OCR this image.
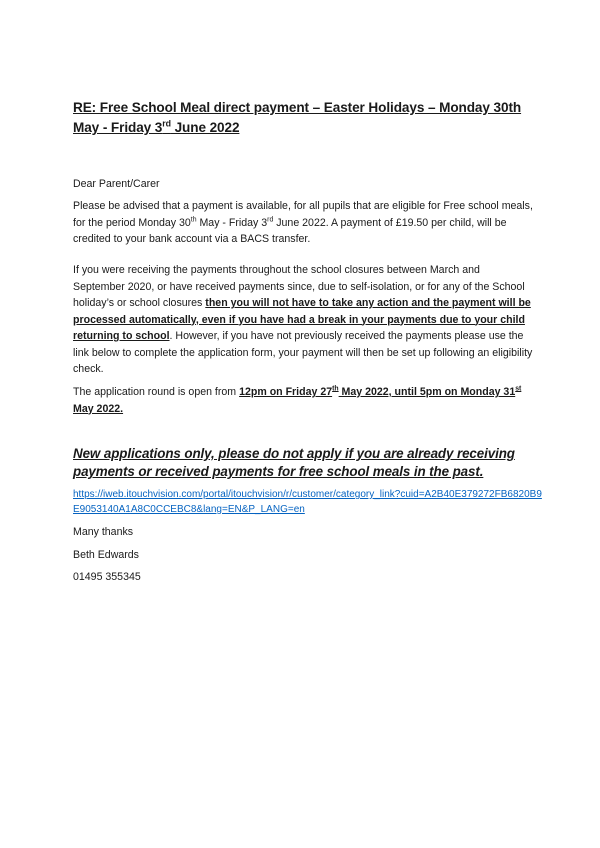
RE: Free School Meal direct payment – Easter Holidays – Monday 30th May - Friday 3rd June 2022
Dear Parent/Carer
Please be advised that a payment is available, for all pupils that are eligible for Free school meals, for the period Monday 30th May - Friday 3rd June 2022. A payment of £19.50 per child, will be credited to your bank account via a BACS transfer.
If you were receiving the payments throughout the school closures between March and September 2020, or have received payments since, due to self-isolation, or for any of the School holiday’s or school closures then you will not have to take any action and the payment will be processed automatically, even if you have had a break in your payments due to your child returning to school. However, if you have not previously received the payments please use the link below to complete the application form, your payment will then be set up following an eligibility check.
The application round is open from 12pm on Friday 27th May 2022, until 5pm on Monday 31st May 2022.
New applications only, please do not apply if you are already receiving payments or received payments for free school meals in the past.
https://iweb.itouchvision.com/portal/itouchvision/r/customer/category_link?cuid=A2B40E379272FB6820B9E9053140A1A8C0CCEBC8&lang=EN&P_LANG=en
Many thanks
Beth Edwards
01495 355345
